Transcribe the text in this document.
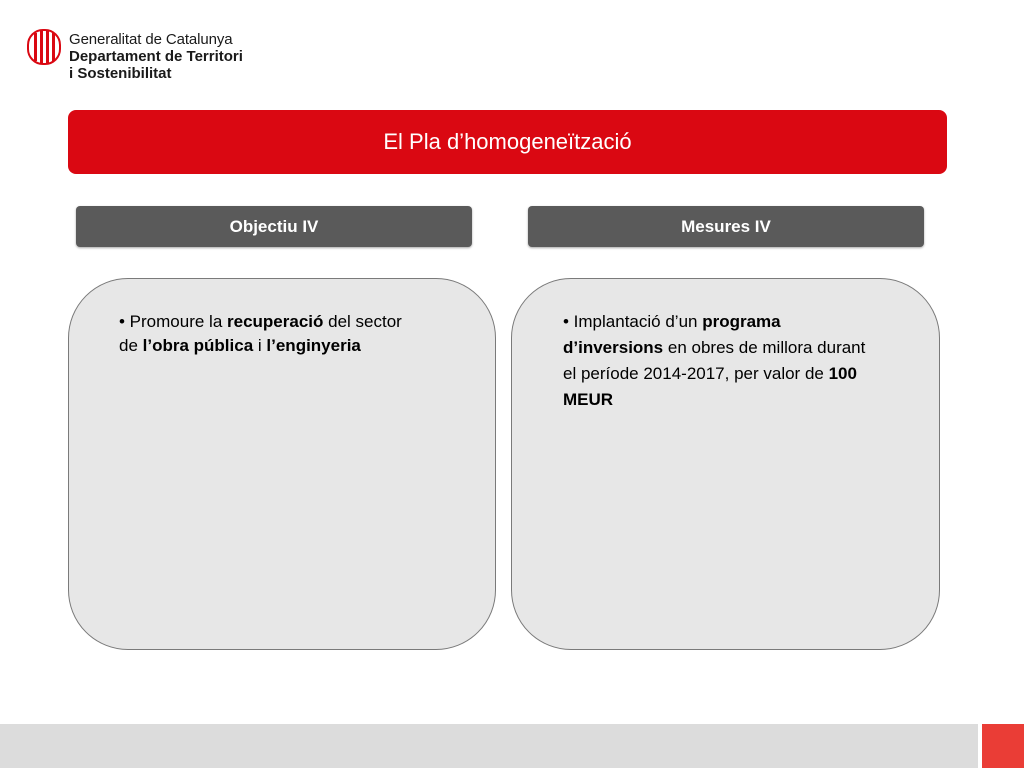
Generalitat de Catalunya
Departament de Territori
i Sostenibilitat
El Pla d’homogeneïtzació
Objectiu IV	Mesures IV
• Promoure la recuperació del sector de l’obra pública i l’enginyeria
• Implantació d’un programa d’inversions en obres de millora durant el període 2014-2017, per valor de 100 MEUR
